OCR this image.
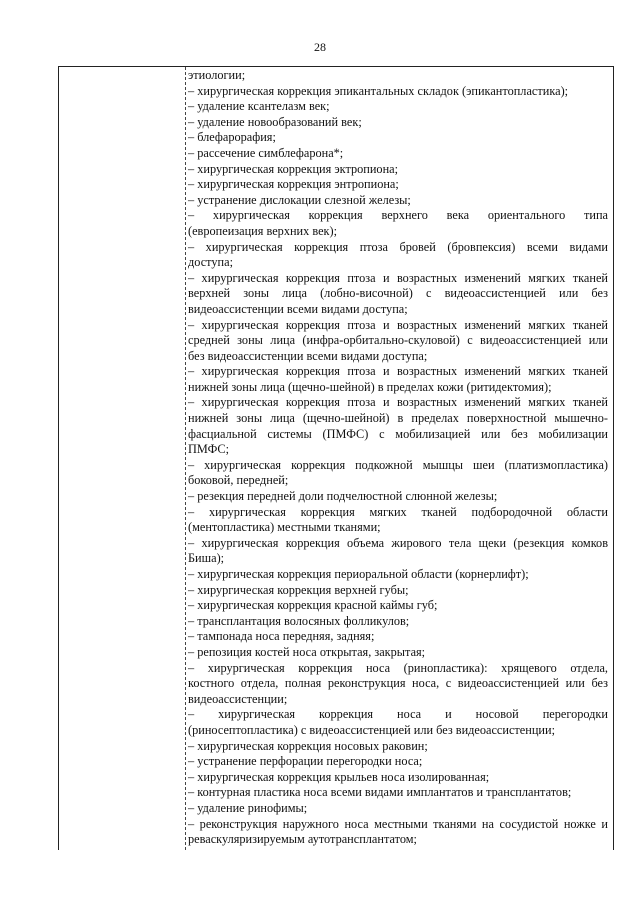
28
этиологии;
– хирургическая коррекция эпикантальных складок (эпикантопластика);
– удаление ксантелазм век;
– удаление новообразований век;
– блефарорафия;
– рассечение симблефарона*;
– хирургическая коррекция эктропиона;
– хирургическая коррекция энтропиона;
– устранение дислокации слезной железы;
– хирургическая коррекция верхнего века ориентального типа
(европеизация верхних век);
– хирургическая коррекция птоза бровей (бровпексия) всеми видами
доступа;
– хирургическая коррекция птоза и возрастных изменений мягких тканей
верхней зоны лица (лобно-височной) с видеоассистенцией или без
видеоассистенции всеми видами доступа;
– хирургическая коррекция птоза и возрастных изменений мягких тканей
средней зоны лица (инфра-орбитально-скуловой) с видеоассистенцией или
без видеоассистенции всеми видами доступа;
– хирургическая коррекция птоза и возрастных изменений мягких тканей
нижней зоны лица (щечно-шейной) в пределах кожи (ритидектомия);
– хирургическая коррекция птоза и возрастных изменений мягких тканей
нижней зоны лица (щечно-шейной) в пределах поверхностной мышечно-
фасциальной системы (ПМФС) с мобилизацией или без мобилизации
ПМФС;
– хирургическая коррекция подкожной мышцы шеи (платизмопластика)
боковой, передней;
– резекция передней доли подчелюстной слюнной железы;
– хирургическая коррекция мягких тканей подбородочной области
(ментопластика) местными тканями;
– хирургическая коррекция объема жирового тела щеки (резекция комков
Биша);
– хирургическая коррекция периоральной области (корнерлифт);
– хирургическая коррекция верхней губы;
– хирургическая коррекция красной каймы губ;
– трансплантация волосяных фолликулов;
– тампонада носа передняя, задняя;
– репозиция костей носа открытая, закрытая;
– хирургическая коррекция носа (ринопластика): хрящевого отдела,
костного отдела, полная реконструкция носа, с видеоассистенцией или без
видеоассистенции;
– хирургическая коррекция носа и носовой перегородки
(риносептопластика) с видеоассистенцией или без видеоассистенции;
– хирургическая коррекция носовых раковин;
– устранение перфорации перегородки носа;
– хирургическая коррекция крыльев носа изолированная;
– контурная пластика носа всеми видами имплантатов и трансплантатов;
– удаление ринофимы;
– реконструкция наружного носа местными тканями на сосудистой ножке и
реваскуляризируемым аутотрансплантатом;
